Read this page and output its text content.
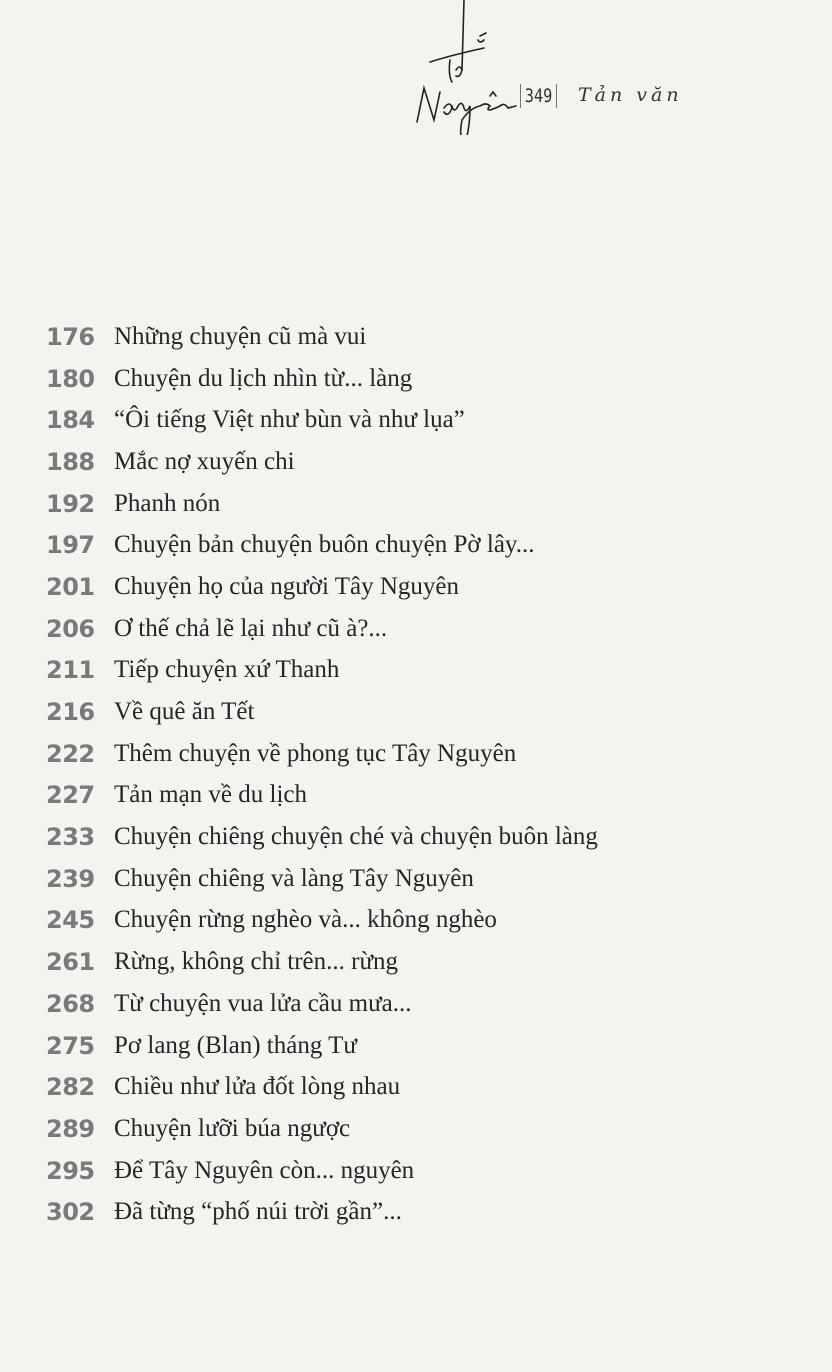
349 Tản văn
176 Những chuyện cũ mà vui
180 Chuyện du lịch nhìn từ... làng
184 “Ôi tiếng Việt như bùn và như lụa”
188 Mắc nợ xuyến chi
192 Phanh nón
197 Chuyện bản chuyện buôn chuyện Pờ lây...
201 Chuyện họ của người Tây Nguyên
206 Ơ thế chả lẽ lại như cũ à?...
211 Tiếp chuyện xứ Thanh
216 Về quê ăn Tết
222 Thêm chuyện về phong tục Tây Nguyên
227 Tản mạn về du lịch
233 Chuyện chiêng chuyện ché và chuyện buôn làng
239 Chuyện chiêng và làng Tây Nguyên
245 Chuyện rừng nghèo và... không nghèo
261 Rừng, không chỉ trên... rừng
268 Từ chuyện vua lửa cầu mưa...
275 Pơ lang (Blan) tháng Tư
282 Chiều như lửa đốt lòng nhau
289 Chuyện lưỡi búa ngược
295 Để Tây Nguyên còn... nguyên
302 Đã từng “phố núi trời gần”...
